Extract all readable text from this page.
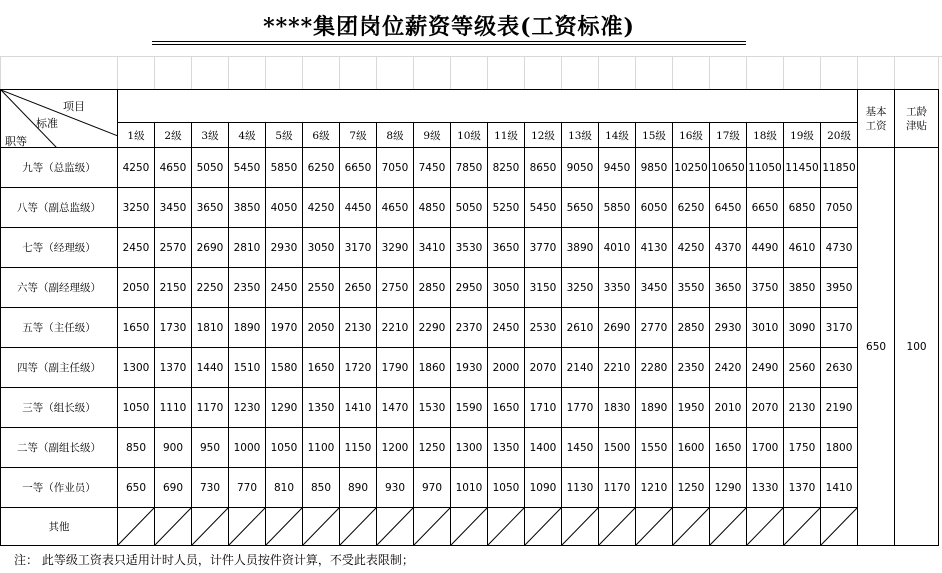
****集团岗位薪资等级表(工资标准)
项目
标准
职等																					基本工资	工龄津贴
	1级	2级	3级	4级	5级	6级	7级	8级	9级	10级	11级	12级	13级	14级	15级	16级	17级	18级	19级	20级		
九等（总监级）	4250	4650	5050	5450	5850	6250	6650	7050	7450	7850	8250	8650	9050	9450	9850	10250	10650	11050	11450	11850	650	100
八等（副总监级）	3250	3450	3650	3850	4050	4250	4450	4650	4850	5050	5250	5450	5650	5850	6050	6250	6450	6650	6850	7050		
七等（经理级）	2450	2570	2690	2810	2930	3050	3170	3290	3410	3530	3650	3770	3890	4010	4130	4250	4370	4490	4610	4730		
六等（副经理级）	2050	2150	2250	2350	2450	2550	2650	2750	2850	2950	3050	3150	3250	3350	3450	3550	3650	3750	3850	3950		
五等（主任级）	1650	1730	1810	1890	1970	2050	2130	2210	2290	2370	2450	2530	2610	2690	2770	2850	2930	3010	3090	3170		
四等（副主任级）	1300	1370	1440	1510	1580	1650	1720	1790	1860	1930	2000	2070	2140	2210	2280	2350	2420	2490	2560	2630		
三等（组长级）	1050	1110	1170	1230	1290	1350	1410	1470	1530	1590	1650	1710	1770	1830	1890	1950	2010	2070	2130	2190		
二等（副组长级）	850	900	950	1000	1050	1100	1150	1200	1250	1300	1350	1400	1450	1500	1550	1600	1650	1700	1750	1800		
一等（作业员）	650	690	730	770	810	850	890	930	970	1010	1050	1090	1130	1170	1210	1250	1290	1330	1370	1410		
其他	

注： 此等级工资表只适用计时人员，计件人员按件资计算，不受此表限制；
